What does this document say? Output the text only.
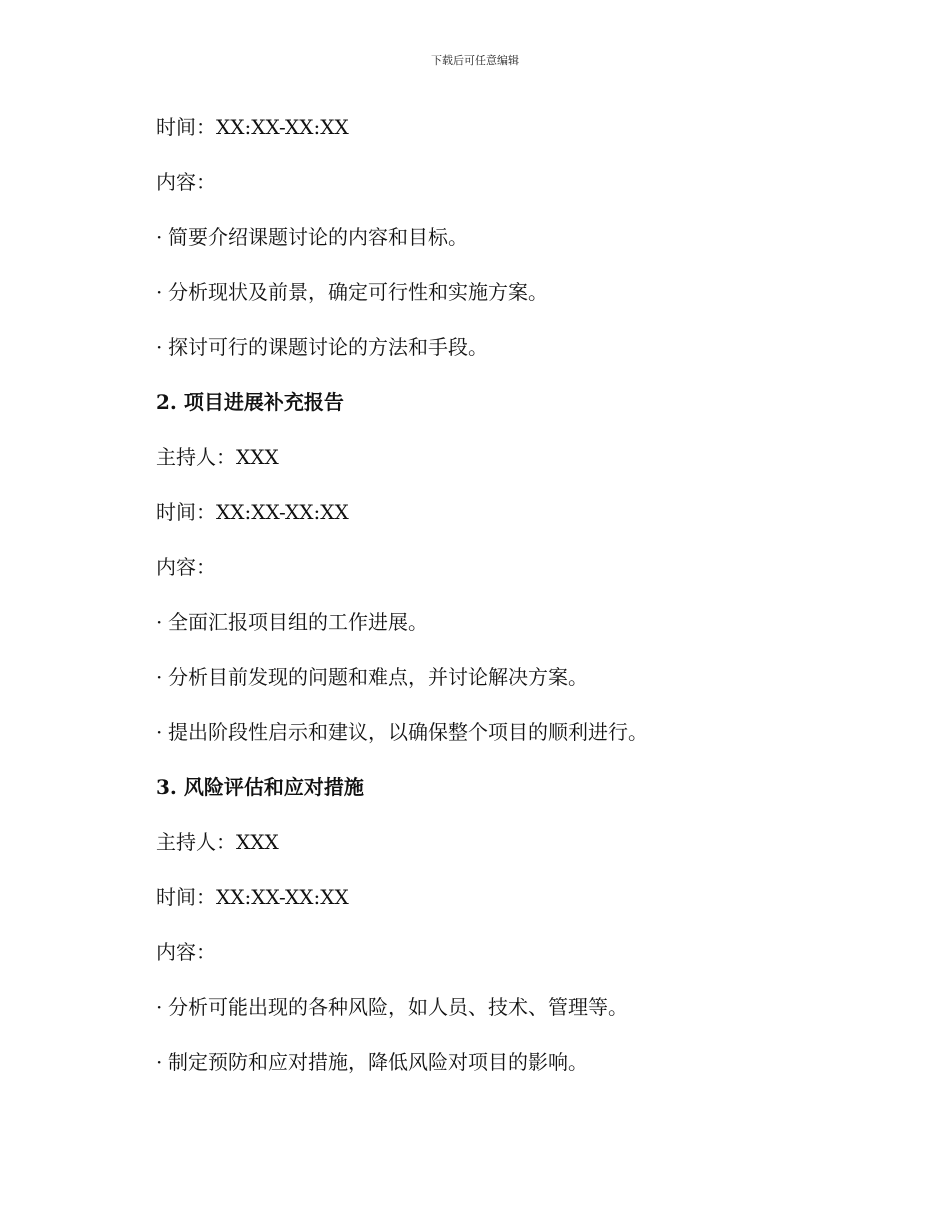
下载后可任意编辑
时间：XX:XX-XX:XX
内容：
· 简要介绍课题讨论的内容和目标。
· 分析现状及前景，确定可行性和实施方案。
· 探讨可行的课题讨论的方法和手段。
2. 项目进展补充报告
主持人：XXX
时间：XX:XX-XX:XX
内容：
· 全面汇报项目组的工作进展。
· 分析目前发现的问题和难点，并讨论解决方案。
· 提出阶段性启示和建议，以确保整个项目的顺利进行。
3. 风险评估和应对措施
主持人：XXX
时间：XX:XX-XX:XX
内容：
· 分析可能出现的各种风险，如人员、技术、管理等。
· 制定预防和应对措施，降低风险对项目的影响。
